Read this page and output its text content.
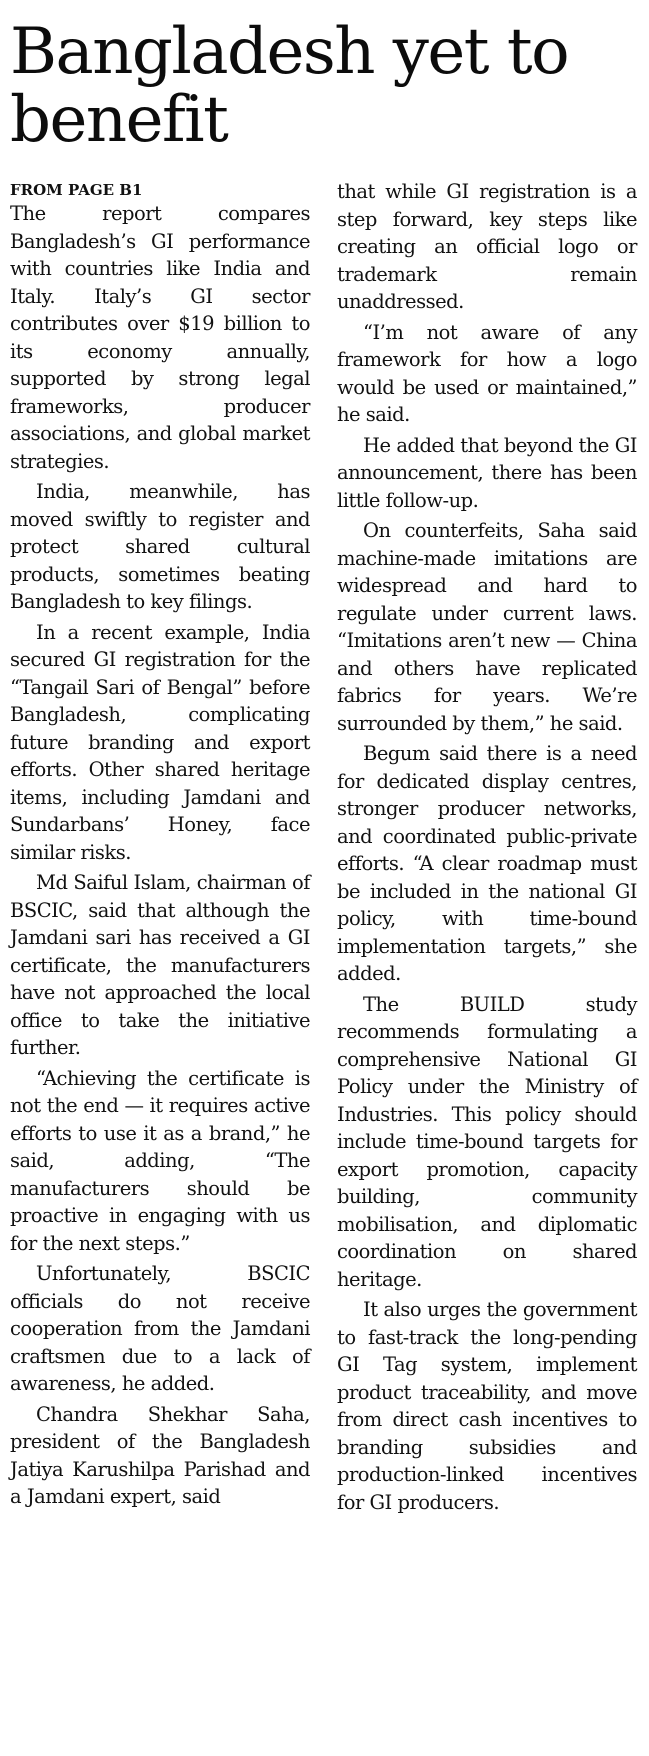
Bangladesh yet to benefit
FROM PAGE B1

The report compares Bangladesh’s GI performance with countries like India and Italy. Italy’s GI sector contributes over $19 billion to its economy annually, supported by strong legal frameworks, producer associations, and global market strategies.

India, meanwhile, has moved swiftly to register and protect shared cultural products, sometimes beating Bangladesh to key filings.

In a recent example, India secured GI registration for the “Tangail Sari of Bengal” before Bangladesh, complicating future branding and export efforts. Other shared heritage items, including Jamdani and Sundarbans’ Honey, face similar risks.

Md Saiful Islam, chairman of BSCIC, said that although the Jamdani sari has received a GI certificate, the manufacturers have not approached the local office to take the initiative further.

“Achieving the certificate is not the end — it requires active efforts to use it as a brand,” he said, adding, “The manufacturers should be proactive in engaging with us for the next steps.”

Unfortunately, BSCIC officials do not receive cooperation from the Jamdani craftsmen due to a lack of awareness, he added.

Chandra Shekhar Saha, president of the Bangladesh Jatiya Karushilpa Parishad and a Jamdani expert, said

that while GI registration is a step forward, key steps like creating an official logo or trademark remain unaddressed.

“I’m not aware of any framework for how a logo would be used or maintained,” he said.

He added that beyond the GI announcement, there has been little follow-up.

On counterfeits, Saha said machine-made imitations are widespread and hard to regulate under current laws. “Imitations aren’t new — China and others have replicated fabrics for years. We’re surrounded by them,” he said.

Begum said there is a need for dedicated display centres, stronger producer networks, and coordinated public-private efforts. “A clear roadmap must be included in the national GI policy, with time-bound implementation targets,” she added.

The BUILD study recommends formulating a comprehensive National GI Policy under the Ministry of Industries. This policy should include time-bound targets for export promotion, capacity building, community mobilisation, and diplomatic coordination on shared heritage.

It also urges the government to fast-track the long-pending GI Tag system, implement product traceability, and move from direct cash incentives to branding subsidies and production-linked incentives for GI producers.
